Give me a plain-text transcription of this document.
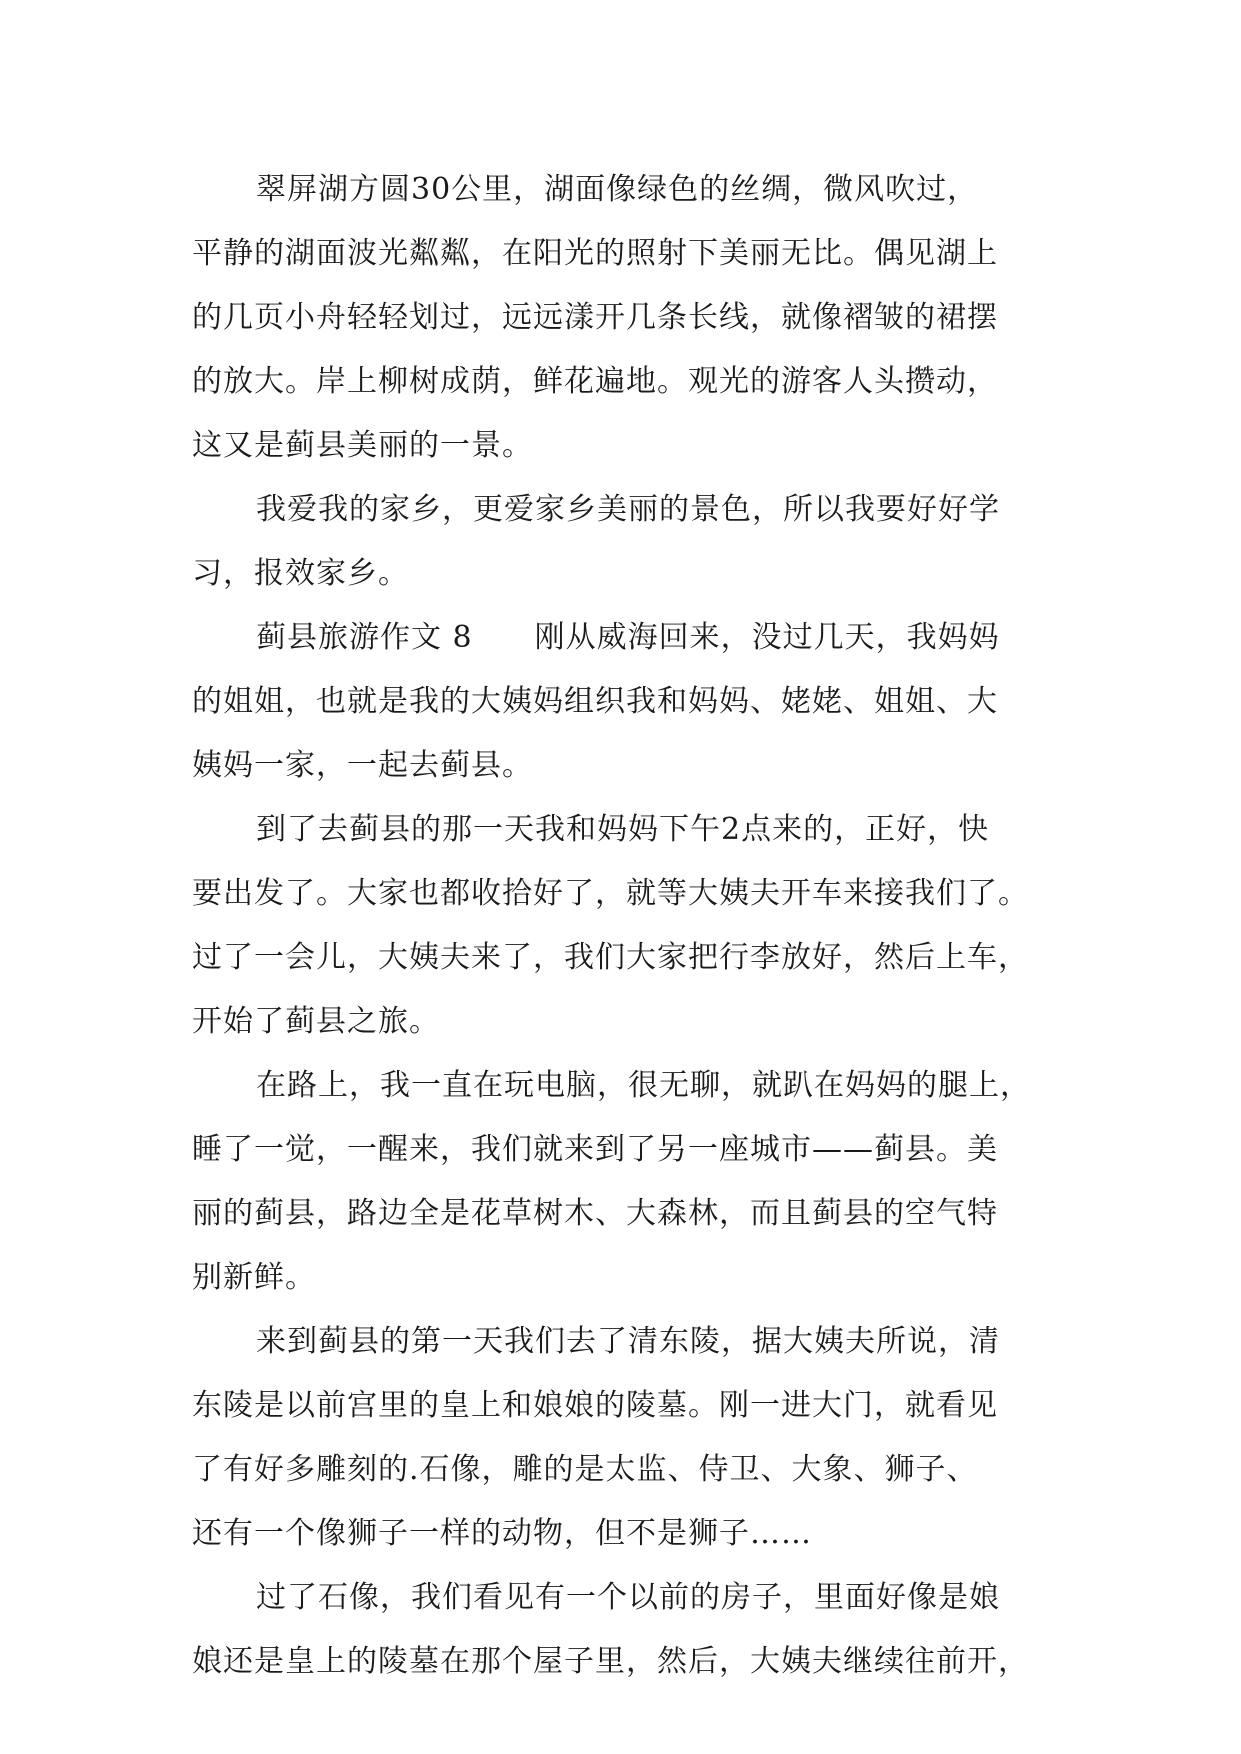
翠屏湖方圆30公里，湖面像绿色的丝绸，微风吹过，
平静的湖面波光粼粼，在阳光的照射下美丽无比。偶见湖上
的几页小舟轻轻划过，远远漾开几条长线，就像褶皱的裙摆
的放大。岸上柳树成荫，鲜花遍地。观光的游客人头攒动，
这又是蓟县美丽的一景。
我爱我的家乡，更爱家乡美丽的景色，所以我要好好学
习，报效家乡。
蓟县旅游作文 8　　刚从威海回来，没过几天，我妈妈
的姐姐，也就是我的大姨妈组织我和妈妈、姥姥、姐姐、大
姨妈一家，一起去蓟县。
到了去蓟县的那一天我和妈妈下午2点来的，正好，快
要出发了。大家也都收拾好了，就等大姨夫开车来接我们了。
过了一会儿，大姨夫来了，我们大家把行李放好，然后上车，
开始了蓟县之旅。
在路上，我一直在玩电脑，很无聊，就趴在妈妈的腿上，
睡了一觉，一醒来，我们就来到了另一座城市——蓟县。美
丽的蓟县，路边全是花草树木、大森林，而且蓟县的空气特
别新鲜。
来到蓟县的第一天我们去了清东陵，据大姨夫所说，清
东陵是以前宫里的皇上和娘娘的陵墓。刚一进大门，就看见
了有好多雕刻的.石像，雕的是太监、侍卫、大象、狮子、
还有一个像狮子一样的动物，但不是狮子……
过了石像，我们看见有一个以前的房子，里面好像是娘
娘还是皇上的陵墓在那个屋子里，然后，大姨夫继续往前开，
